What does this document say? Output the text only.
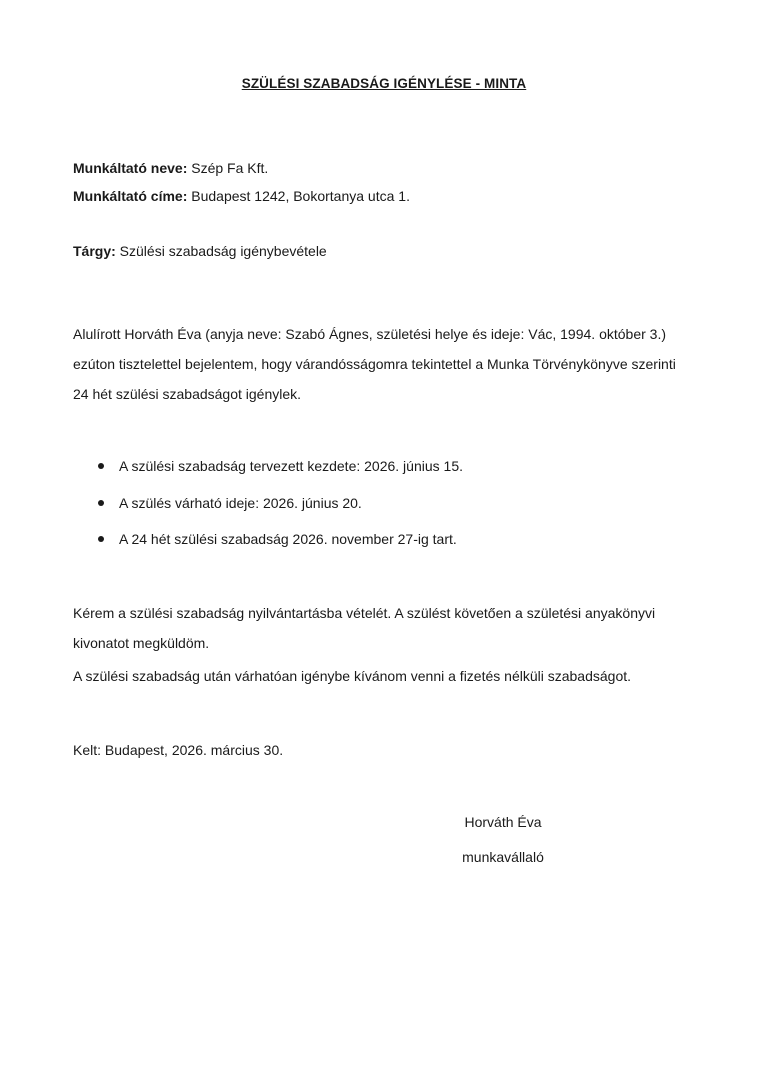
SZÜLÉSI SZABADSÁG IGÉNYLÉSE - MINTA
Munkáltató neve: Szép Fa Kft.
Munkáltató címe: Budapest 1242, Bokortanya utca 1.
Tárgy: Szülési szabadság igénybevétele

Alulírott Horváth Éva (anyja neve: Szabó Ágnes, születési helye és ideje: Vác, 1994. október 3.)

ezúton tisztelettel bejelentem, hogy várandósságomra tekintettel a Munka Törvénykönyve szerinti

24 hét szülési szabadságot igénylek.

A szülési szabadság tervezett kezdete: 2026. június 15.
A szülés várható ideje: 2026. június 20.
A 24 hét szülési szabadság 2026. november 27-ig tart.

Kérem a szülési szabadság nyilvántartásba vételét. A szülést követően a születési anyakönyvi

kivonatot megküldöm.

A szülési szabadság után várhatóan igénybe kívánom venni a fizetés nélküli szabadságot.
Kelt: Budapest, 2026. március 30.
Horváth Éva
munkavállaló
